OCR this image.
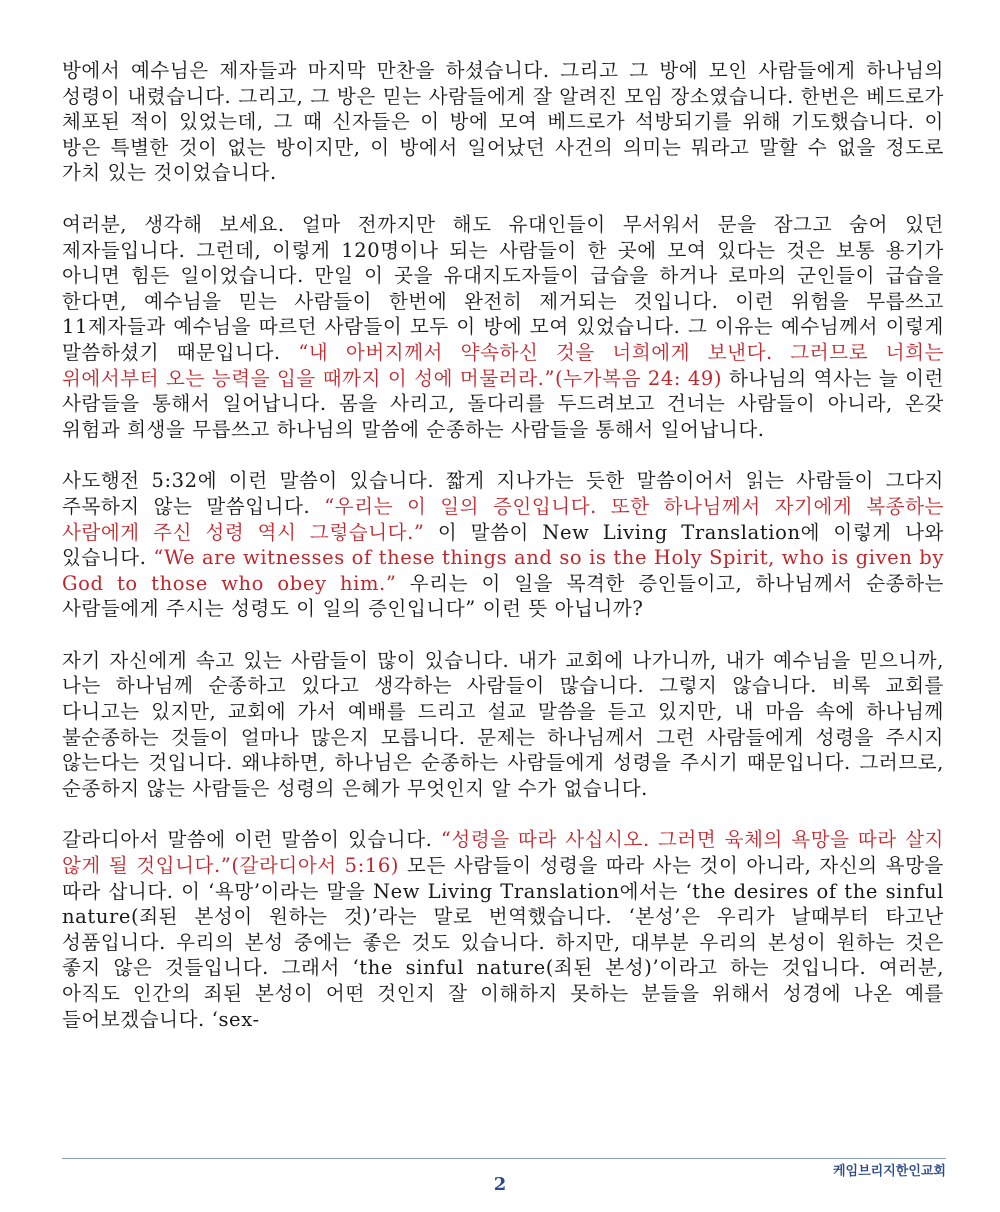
방에서 예수님은 제자들과 마지막 만찬을 하셨습니다. 그리고 그 방에 모인 사람들에게 하나님의 성령이 내렸습니다. 그리고, 그 방은 믿는 사람들에게 잘 알려진 모임 장소였습니다. 한번은 베드로가 체포된 적이 있었는데, 그 때 신자들은 이 방에 모여 베드로가 석방되기를 위해 기도했습니다. 이 방은 특별한 것이 없는 방이지만, 이 방에서 일어났던 사건의 의미는 뭐라고 말할 수 없을 정도로 가치 있는 것이었습니다.

여러분, 생각해 보세요. 얼마 전까지만 해도 유대인들이 무서워서 문을 잠그고 숨어 있던 제자들입니다. 그런데, 이렇게 120명이나 되는 사람들이 한 곳에 모여 있다는 것은 보통 용기가 아니면 힘든 일이었습니다. 만일 이 곳을 유대지도자들이 급습을 하거나 로마의 군인들이 급습을 한다면, 예수님을 믿는 사람들이 한번에 완전히 제거되는 것입니다. 이런 위험을 무릅쓰고 11제자들과 예수님을 따르던 사람들이 모두 이 방에 모여 있었습니다. 그 이유는 예수님께서 이렇게 말씀하셨기 때문입니다. “내 아버지께서 약속하신 것을 너희에게 보낸다. 그러므로 너희는 위에서부터 오는 능력을 입을 때까지 이 성에 머물러라.”(누가복음 24: 49) 하나님의 역사는 늘 이런 사람들을 통해서 일어납니다. 몸을 사리고, 돌다리를 두드려보고 건너는 사람들이 아니라, 온갖 위험과 희생을 무릅쓰고 하나님의 말씀에 순종하는 사람들을 통해서 일어납니다.

사도행전 5:32에 이런 말씀이 있습니다. 짧게 지나가는 듯한 말씀이어서 읽는 사람들이 그다지 주목하지 않는 말씀입니다. “우리는 이 일의 증인입니다. 또한 하나님께서 자기에게 복종하는 사람에게 주신 성령 역시 그렇습니다.” 이 말씀이 New Living Translation에 이렇게 나와 있습니다. “We are witnesses of these things and so is the Holy Spirit, who is given by God to those who obey him.” 우리는 이 일을 목격한 증인들이고, 하나님께서 순종하는 사람들에게 주시는 성령도 이 일의 증인입니다” 이런 뜻 아닙니까?

자기 자신에게 속고 있는 사람들이 많이 있습니다. 내가 교회에 나가니까, 내가 예수님을 믿으니까, 나는 하나님께 순종하고 있다고 생각하는 사람들이 많습니다. 그렇지 않습니다. 비록 교회를 다니고는 있지만, 교회에 가서 예배를 드리고 설교 말씀을 듣고 있지만, 내 마음 속에 하나님께 불순종하는 것들이 얼마나 많은지 모릅니다. 문제는 하나님께서 그런 사람들에게 성령을 주시지 않는다는 것입니다. 왜냐하면, 하나님은 순종하는 사람들에게 성령을 주시기 때문입니다. 그러므로, 순종하지 않는 사람들은 성령의 은혜가 무엇인지 알 수가 없습니다.

갈라디아서 말씀에 이런 말씀이 있습니다. “성령을 따라 사십시오. 그러면 육체의 욕망을 따라 살지 않게 될 것입니다.”(갈라디아서 5:16) 모든 사람들이 성령을 따라 사는 것이 아니라, 자신의 욕망을 따라 삽니다. 이 ‘욕망’이라는 말을 New Living Translation에서는 ‘the desires of the sinful nature(죄된 본성이 원하는 것)’라는 말로 번역했습니다. ‘본성’은 우리가 날때부터 타고난 성품입니다. 우리의 본성 중에는 좋은 것도 있습니다. 하지만, 대부분 우리의 본성이 원하는 것은 좋지 않은 것들입니다. 그래서 ‘the sinful nature(죄된 본성)’이라고 하는 것입니다. 여러분, 아직도 인간의 죄된 본성이 어떤 것인지 잘 이해하지 못하는 분들을 위해서 성경에 나온 예를 들어보겠습니다. ‘sex-

케임브리지한인교회
2
